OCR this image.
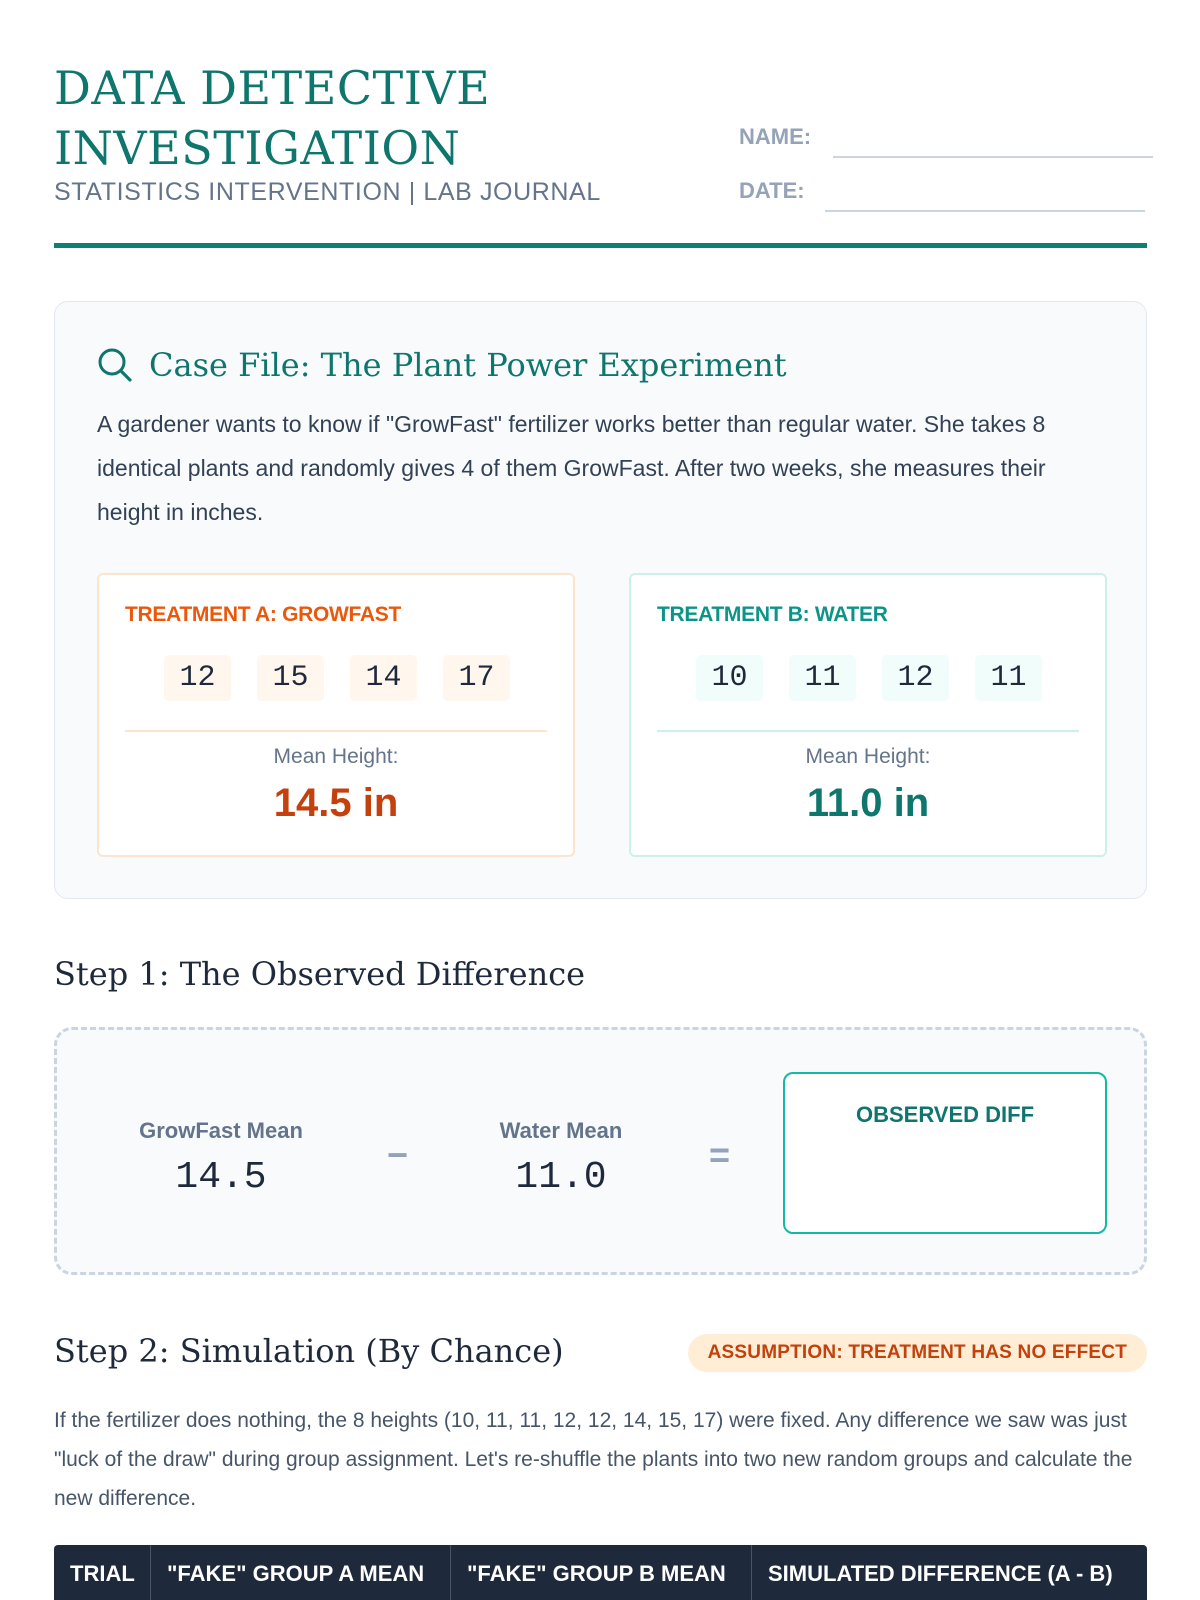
DATA DETECTIVE
INVESTIGATION
STATISTICS INTERVENTION | LAB JOURNAL
NAME:
DATE:
Case File: The Plant Power Experiment

A gardener wants to know if "GrowFast" fertilizer works better than regular water. She takes 8 identical plants and randomly gives 4 of them GrowFast. After two weeks, she measures their height in inches.

TREATMENT A: GROWFAST
12	15	14	17
Mean Height:
14.5 in
TREATMENT B: WATER
10	11	12	11
Mean Height:
11.0 in
Step 1: The Observed Difference
GrowFast Mean
14.5
−
Water Mean
11.0
=
OBSERVED DIFF
Step 2: Simulation (By Chance)	ASSUMPTION: TREATMENT HAS NO EFFECT

If the fertilizer does nothing, the 8 heights (10, 11, 11, 12, 12, 14, 15, 17) were fixed. Any difference we saw was just "luck of the draw" during group assignment. Let's re-shuffle the plants into two new random groups and calculate the new difference.

TRIAL	"FAKE" GROUP A MEAN	"FAKE" GROUP B MEAN	SIMULATED DIFFERENCE (A - B)
